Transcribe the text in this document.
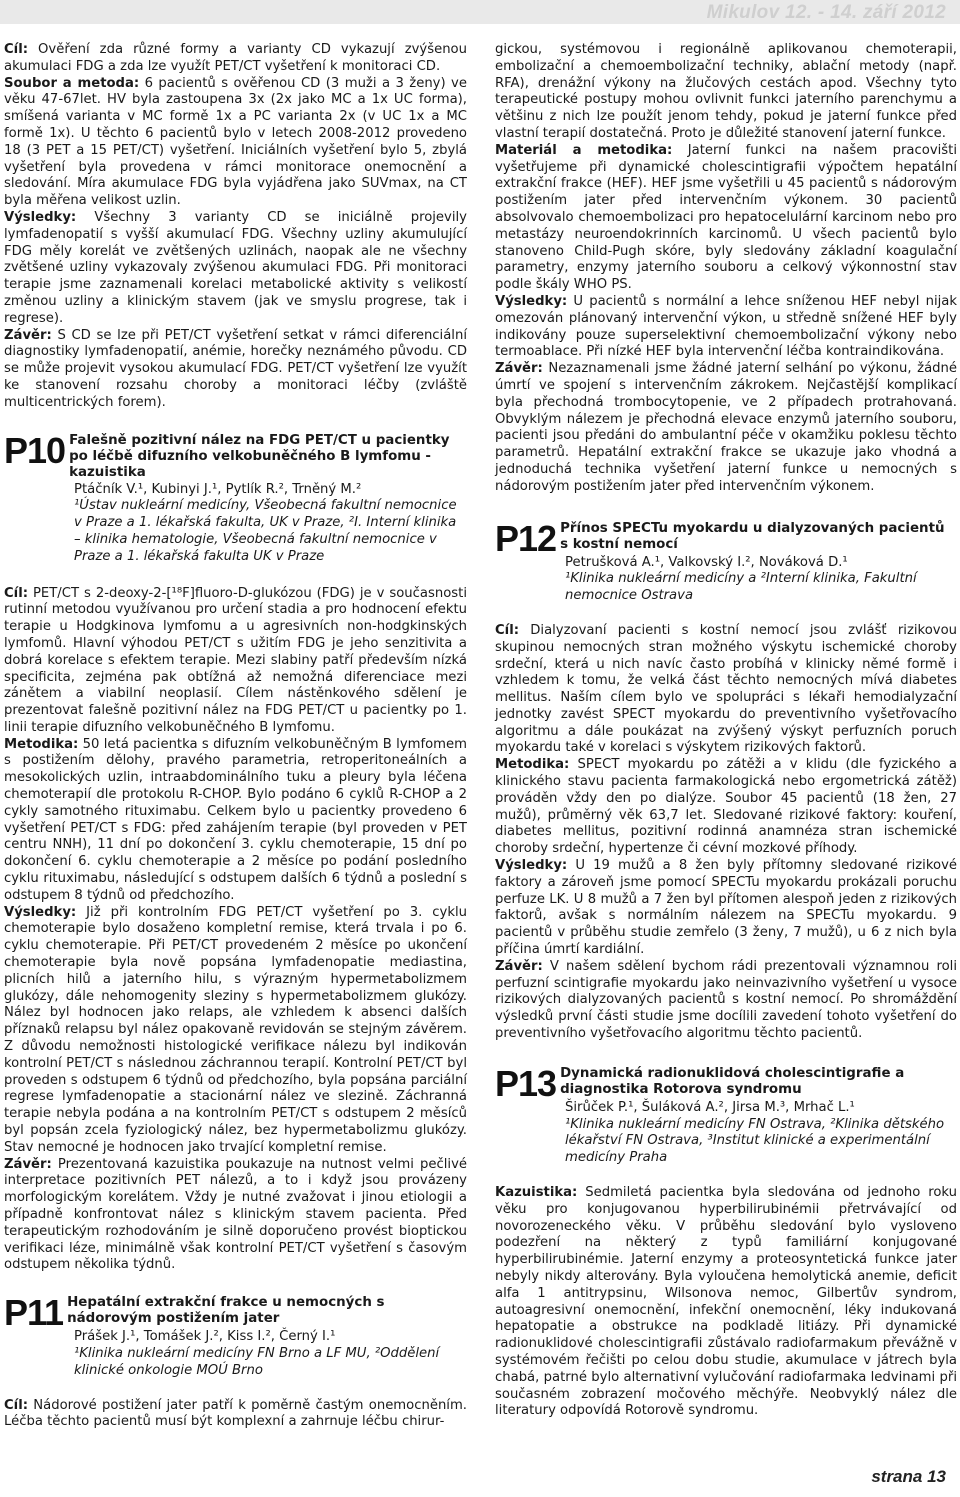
Mikulov 12. - 14. září 2012

Cíl: Ověření zda různé formy a varianty CD vykazují zvýšenou akumulaci FDG a zda lze využít PET/CT vyšetření k monitoraci CD.

Soubor a metoda: 6 pacientů s ověřenou CD (3 muži a 3 ženy) ve věku 47-67let. HV byla zastoupena 3x (2x jako MC a 1x UC forma), smíšená varianta v MC formě 1x a PC varianta 2x (v UC 1x a MC formě 1x). U těchto 6 pacientů bylo v letech 2008-2012 provedeno 18 (3 PET a 15 PET/CT) vyšetření. Iniciálních vyšetření bylo 5, zbylá vyšetření byla provedena v rámci monitorace onemocnění a sledování. Míra akumulace FDG byla vyjádřena jako SUVmax, na CT byla měřena velikost uzlin.

Výsledky: Všechny 3 varianty CD se iniciálně projevily lymfadenopatií s vyšší akumulací FDG. Všechny uzliny akumulující FDG měly korelát ve zvětšených uzlinách, naopak ale ne všechny zvětšené uzliny vykazovaly zvýšenou akumulaci FDG. Při monitoraci terapie jsme zaznamenali korelaci metabolické aktivity s velikostí změnou uzliny a klinickým stavem (jak ve smyslu progrese, tak i regrese).

Závěr: S CD se lze při PET/CT vyšetření setkat v rámci diferenciální diagnostiky lymfadenopatií, anémie, horečky neznámého původu. CD se může projevit vysokou akumulací FDG. PET/CT vyšetření lze využít ke stanovení rozsahu choroby a monitoraci léčby (zvláště multicentrických forem).

P10 Falešně pozitivní nález na FDG PET/CT u pacientky po léčbě difuzního velkobuněčného B lymfomu - kazuistika
Ptáčník V.¹, Kubinyi J.¹, Pytlík R.², Trněný M.²

¹Ústav nukleární medicíny, Všeobecná fakultní nemocnice v Praze a 1. lékařská fakulta, UK v Praze, ²I. Interní klinika – klinika hematologie, Všeobecná fakultní nemocnice v Praze a 1. lékařská fakulta UK v Praze

Cíl: PET/CT s 2-deoxy-2-[¹⁸F]fluoro-D-glukózou (FDG) je v současnosti rutinní metodou využívanou pro určení stadia a pro hodnocení efektu terapie u Hodgkinova lymfomu a u agresivních non-hodgkinských lymfomů. Hlavní výhodou PET/CT s užitím FDG je jeho senzitivita a dobrá korelace s efektem terapie. Mezi slabiny patří především nízká specificita, zejména pak obtížná až nemožná diferenciace mezi zánětem a viabilní neoplasií. Cílem nástěnkového sdělení je prezentovat falešně pozitivní nález na FDG PET/CT u pacientky po 1. linii terapie difuzního velkobuněčného B lymfomu.

Metodika: 50 letá pacientka s difuzním velkobuněčným B lymfomem s postižením dělohy, pravého parametria, retroperitoneálních a mesokolických uzlin, intraabdominálního tuku a pleury byla léčena chemoterapií dle protokolu R-CHOP. Bylo podáno 6 cyklů R-CHOP a 2 cykly samotného rituximabu. Celkem bylo u pacientky provedeno 6 vyšetření PET/CT s FDG: před zahájením terapie (byl proveden v PET centru NNH), 11 dní po dokončení 3. cyklu chemoterapie, 15 dní po dokončení 6. cyklu chemoterapie a 2 měsíce po podání posledního cyklu rituximabu, následující s odstupem dalších 6 týdnů a poslední s odstupem 8 týdnů od předchozího.

Výsledky: Již při kontrolním FDG PET/CT vyšetření po 3. cyklu chemoterapie bylo dosaženo kompletní remise, která trvala i po 6. cyklu chemoterapie. Při PET/CT provedeném 2 měsíce po ukončení chemoterapie byla nově popsána lymfadenopatie mediastina, plicních hilů a jaterního hilu, s výrazným hypermetabolizmem glukózy, dále nehomogenity sleziny s hypermetabolizmem glukózy. Nález byl hodnocen jako relaps, ale vzhledem k absenci dalších příznaků relapsu byl nález opakovaně revidován se stejným závěrem. Z důvodu nemožnosti histologické verifikace nálezu byl indikován kontrolní PET/CT s následnou záchrannou terapií. Kontrolní PET/CT byl proveden s odstupem 6 týdnů od předchozího, byla popsána parciální regrese lymfadenopatie a stacionární nález ve slezině. Záchranná terapie nebyla podána a na kontrolním PET/CT s odstupem 2 měsíců byl popsán zcela fyziologický nález, bez hypermetabolizmu glukózy. Stav nemocné je hodnocen jako trvající kompletní remise.

Závěr: Prezentovaná kazuistika poukazuje na nutnost velmi pečlivé interpretace pozitivních PET nálezů, a to i když jsou provázeny morfologickým korelátem. Vždy je nutné zvažovat i jinou etiologii a případně konfrontovat nález s klinickým stavem pacienta. Před terapeutickým rozhodováním je silně doporučeno provést bioptickou verifikaci léze, minimálně však kontrolní PET/CT vyšetření s časovým odstupem několika týdnů.

P11 Hepatální extrakční frakce u nemocných s nádorovým postižením jater
Prášek J.¹, Tomášek J.², Kiss I.², Černý I.¹

¹Klinika nukleární medicíny FN Brno a LF MU, ²Oddělení klinické onkologie MOÚ Brno

Cíl: Nádorové postižení jater patří k poměrně častým onemocněním. Léčba těchto pacientů musí být komplexní a zahrnuje léčbu chirur-

gickou, systémovou i regionálně aplikovanou chemoterapii, embolizační a chemoembolizační techniky, ablační metody (např. RFA), drenážní výkony na žlučových cestách apod. Všechny tyto terapeutické postupy mohou ovlivnit funkci jaterního parenchymu a většinu z nich lze použít jenom tehdy, pokud je jaterní funkce před vlastní terapií dostatečná. Proto je důležité stanovení jaterní funkce.

Materiál a metodika: Jaterní funkci na našem pracovišti vyšetřujeme při dynamické cholescintigrafii výpočtem hepatální extrakční frakce (HEF). HEF jsme vyšetřili u 45 pacientů s nádorovým postižením jater před intervenčním výkonem. 30 pacientů absolvovalo chemoembolizaci pro hepatocelulární karcinom nebo pro metastázy neuroendokrinních karcinomů. U všech pacientů bylo stanoveno Child-Pugh skóre, byly sledovány základní koagulační parametry, enzymy jaterního souboru a celkový výkonnostní stav podle škály WHO PS.

Výsledky: U pacientů s normální a lehce sníženou HEF nebyl nijak omezován plánovaný intervenční výkon, u středně snížené HEF byly indikovány pouze superselektivní chemoembolizační výkony nebo termoablace. Při nízké HEF byla intervenční léčba kontraindikována.

Závěr: Nezaznamenali jsme žádné jaterní selhání po výkonu, žádné úmrtí ve spojení s intervenčním zákrokem. Nejčastější komplikací byla přechodná trombocytopenie, ve 2 případech protrahovaná. Obvyklým nálezem je přechodná elevace enzymů jaterního souboru, pacienti jsou předáni do ambulantní péče v okamžiku poklesu těchto parametrů. Hepatální extrakční frakce se ukazuje jako vhodná a jednoduchá technika vyšetření jaterní funkce u nemocných s nádorovým postižením jater před intervenčním výkonem.

P12 Přínos SPECTu myokardu u dialyzovaných pacientů s kostní nemocí
Petrušková A.¹, Valkovský I.², Nováková D.¹

¹Klinika nukleární medicíny a ²Interní klinika, Fakultní nemocnice Ostrava

Cíl: Dialyzovaní pacienti s kostní nemocí jsou zvlášť rizikovou skupinou nemocných stran možného výskytu ischemické choroby srdeční, která u nich navíc často probíhá v klinicky němé formě i vzhledem k tomu, že velká část těchto nemocných mívá diabetes mellitus. Naším cílem bylo ve spolupráci s lékaři hemodialyzační jednotky zavést SPECT myokardu do preventivního vyšetřovacího algoritmu a dále poukázat na zvýšený výskyt perfuzních poruch myokardu také v korelaci s výskytem rizikových faktorů.

Metodika: SPECT myokardu po zátěži a v klidu (dle fyzického a klinického stavu pacienta farmakologická nebo ergometrická zátěž) prováděn vždy den po dialýze. Soubor 45 pacientů (18 žen, 27 mužů), průměrný věk 63,7 let. Sledované rizikové faktory: kouření, diabetes mellitus, pozitivní rodinná anamnéza stran ischemické choroby srdeční, hypertenze či cévní mozkové příhody.

Výsledky: U 19 mužů a 8 žen byly přítomny sledované rizikové faktory a zároveň jsme pomocí SPECTu myokardu prokázali poruchu perfuze LK. U 8 mužů a 7 žen byl přítomen alespoň jeden z rizikových faktorů, avšak s normálním nálezem na SPECTu myokardu. 9 pacientů v průběhu studie zemřelo (3 ženy, 7 mužů), u 6 z nich byla příčina úmrtí kardiální.

Závěr: V našem sdělení bychom rádi prezentovali významnou roli perfuzní scintigrafie myokardu jako neinvazivního vyšetření u vysoce rizikových dialyzovaných pacientů s kostní nemocí. Po shromáždění výsledků první části studie jsme docílili zavedení tohoto vyšetření do preventivního vyšetřovacího algoritmu těchto pacientů.

P13 Dynamická radionuklidová cholescintigrafie a diagnostika Rotorova syndromu
Širůček P.¹, Šuláková A.², Jirsa M.³, Mrhač L.¹

¹Klinika nukleární medicíny FN Ostrava, ²Klinika dětského lékařství FN Ostrava, ³Institut klinické a experimentální medicíny Praha

Kazuistika: Sedmiletá pacientka byla sledována od jednoho roku věku pro konjugovanou hyperbilirubinémii přetrvávající od novorozeneckého věku. V průběhu sledování bylo vysloveno podezření na některý z typů familiární konjugované hyperbilirubinémie. Jaterní enzymy a proteosyntetická funkce jater nebyly nikdy alterovány. Byla vyloučena hemolytická anemie, deficit alfa 1 antitrypsinu, Wilsonova nemoc, Gilbertův syndrom, autoagresivní onemocnění, infekční onemocnění, léky indukovaná hepatopatie a obstrukce na podkladě litiázy. Při dynamické radionuklidové cholescintigrafii zůstávalo radiofarmakum převážně v systémovém řečišti po celou dobu studie, akumulace v játrech byla chabá, patrné bylo alternativní vylučování radiofarmaka ledvinami při současném zobrazení močového měchýře. Neobvyklý nález dle literatury odpovídá Rotorově syndromu.

strana 13
